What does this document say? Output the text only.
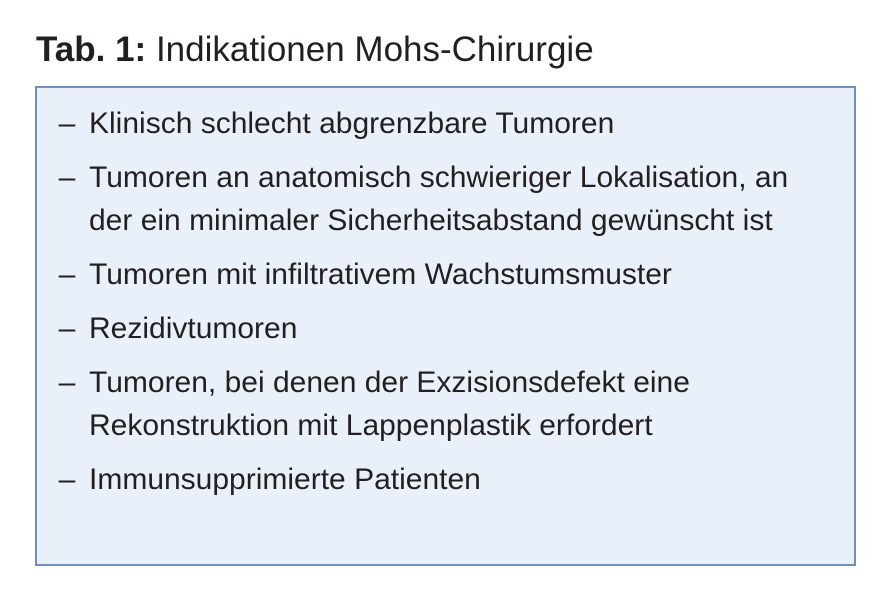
Tab. 1: Indikationen Mohs-Chirurgie
– Klinisch schlecht abgrenzbare Tumoren
– Tumoren an anatomisch schwieriger Lokalisation, an der ein minimaler Sicherheitsabstand gewünscht ist
– Tumoren mit infiltrativem Wachstumsmuster
– Rezidivtumoren
– Tumoren, bei denen der Exzisionsdefekt eine Rekonstruktion mit Lappenplastik erfordert
– Immunsupprimierte Patienten
